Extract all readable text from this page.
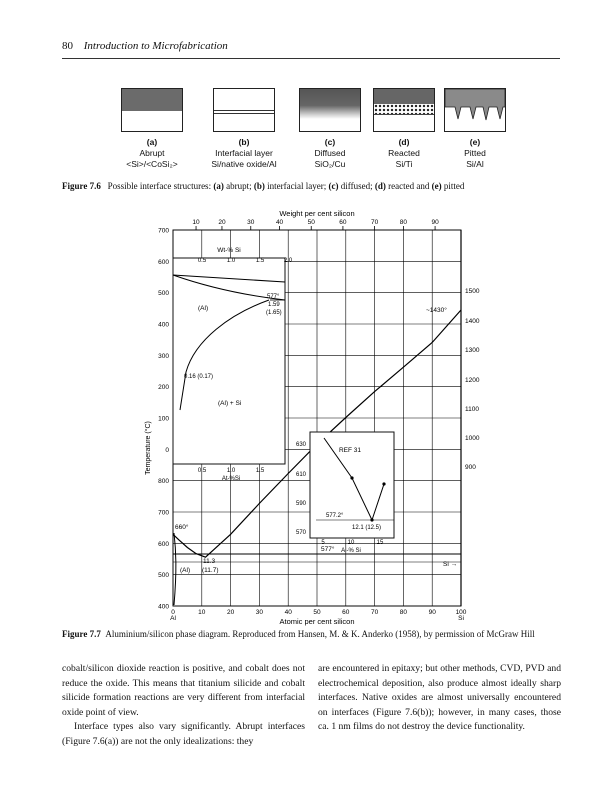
80 Introduction to Microfabrication
(a)
Abrupt
<Si>/<CoSi₂>
(b)
Interfacial layer
Si/native oxide/Al
(c)
Diffused
SiO₂/Cu
(d)
Reacted
Si/Ti
(e)
Pitted
Si/Al
Figure 7.6 Possible interface structures: (a) abrupt; (b) interfacial layer; (c) diffused; (d) reacted and (e) pitted
Weight per cent silicon
Atomic per cent silicon
Temperature (°C)
400
500
600
700
800
0
100
200
300
400
500
600
700
0	10	20	30	40	50	60	70	80	90	100
10	20	30	40	50	60	70	80	90
1500
1400
1300
1200
1100
1000
900
660°
577°
11.3
(11.7)
~1430°
(Al)
Si →
Al	Si
Wt-% Si
0.5	1.0	1.5	2.0
577°
1.59
(1.65)
0.16 (0.17)
(Al)
(Al) + Si
0.5	1.0	1.5
At-%Si
REF 31
630
610
590
570
577.2°
12.1 (12.5)
5	10	15
Al-% Si
Figure 7.7 Aluminium/silicon phase diagram. Reproduced from Hansen, M. & K. Anderko (1958), by permission of McGraw Hill

cobalt/silicon dioxide reaction is positive, and cobalt does not reduce the oxide. This means that titanium silicide and cobalt silicide formation reactions are very different from interfacial oxide point of view.

Interface types also vary significantly. Abrupt interfaces (Figure 7.6(a)) are not the only idealizations: they

are encountered in epitaxy; but other methods, CVD, PVD and electrochemical deposition, also produce almost ideally sharp interfaces. Native oxides are almost universally encountered on interfaces (Figure 7.6(b)); however, in many cases, those ca. 1 nm films do not destroy the device functionality.
